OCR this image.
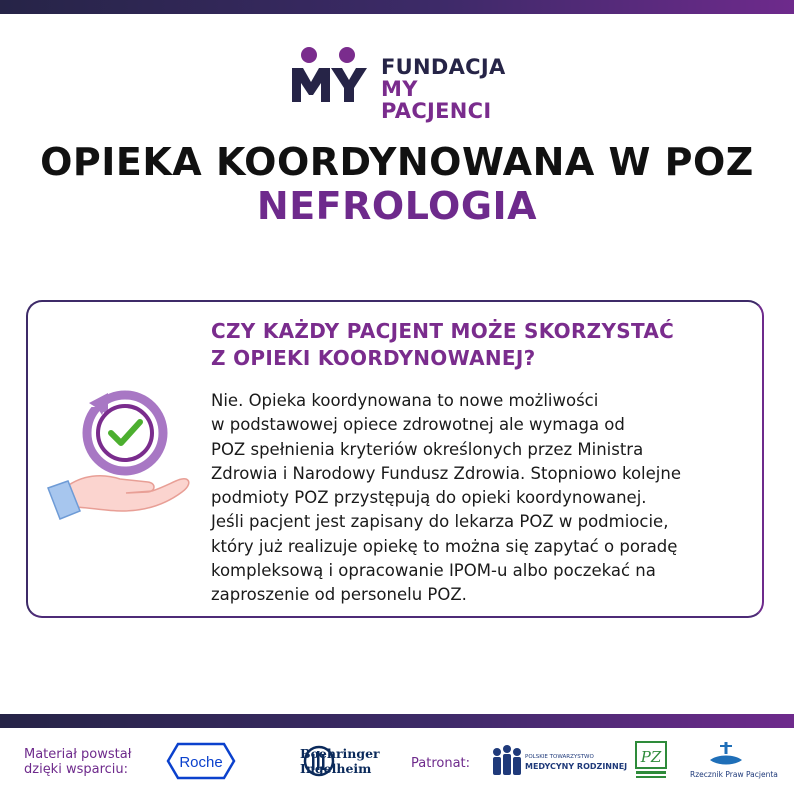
FUNDACJA
MY PACJENCI
OPIEKA KOORDYNOWANA W POZ
NEFROLOGIA
CZY KAŻDY PACJENT MOŻE SKORZYSTAĆ
Z OPIEKI KOORDYNOWANEJ?
Nie. Opieka koordynowana to nowe możliwości
w podstawowej opiece zdrowotnej ale wymaga od
POZ spełnienia kryteriów określonych przez Ministra
Zdrowia i Narodowy Fundusz Zdrowia. Stopniowo kolejne
podmioty POZ przystępują do opieki koordynowanej.
Jeśli pacjent jest zapisany do lekarza POZ w podmiocie,
który już realizuje opiekę to można się zapytać o poradę
kompleksową i opracowanie IPOM-u albo poczekać na
zaproszenie od personelu POZ.
Materiał powstał
dzięki wsparciu:	Roche
Boehringer
Ingelheim	Patronat:	POLSKIE TOWARZYSTWO
MEDYCYNY RODZINNEJ
PZ
Rzecznik Praw Pacjenta
